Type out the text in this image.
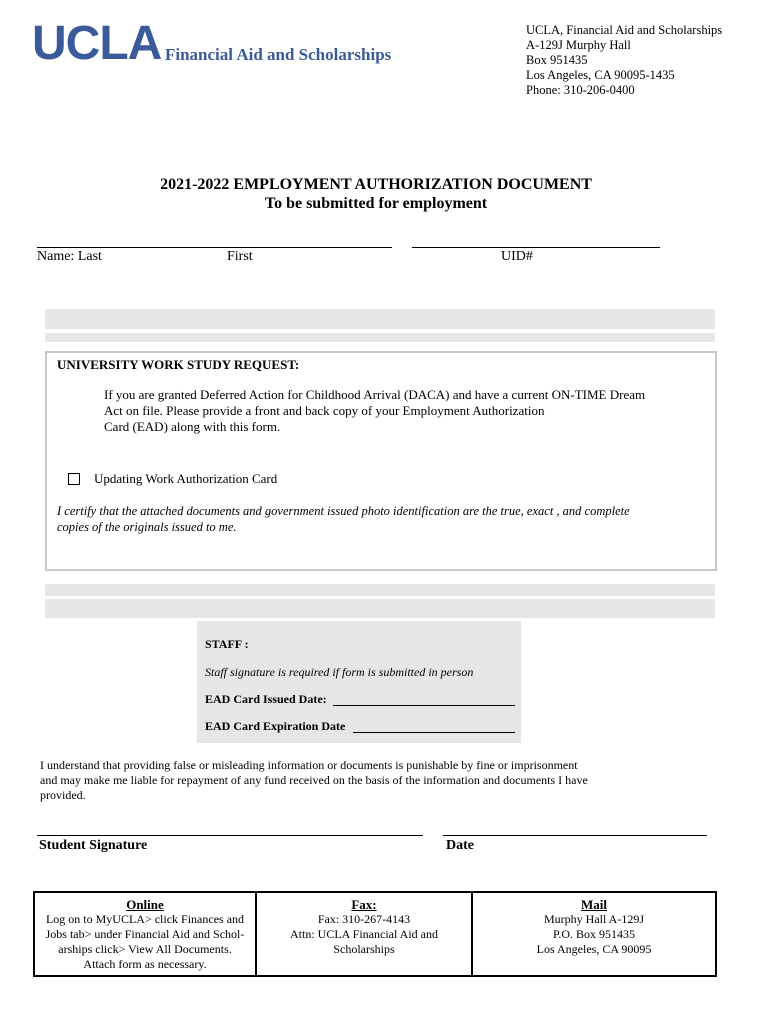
UCLA Financial Aid and Scholarships
UCLA, Financial Aid and Scholarships
A-129J Murphy Hall
Box 951435
Los Angeles, CA 90095-1435
Phone: 310-206-0400
2021-2022 EMPLOYMENT AUTHORIZATION DOCUMENT
To be submitted for employment
Name: Last	First	UID#
UNIVERSITY WORK STUDY REQUEST:
If you are granted Deferred Action for Childhood Arrival (DACA) and have a current ON-TIME Dream
Act on file. Please provide a front and back copy of your Employment Authorization
Card (EAD) along with this form.
Updating Work Authorization Card
I certify that the attached documents and government issued photo identification are the true, exact , and complete
copies of the originals issued to me.
STAFF :
Staff signature is required if form is submitted in person
EAD Card Issued Date:
EAD Card Expiration Date
I understand that providing false or misleading information or documents is punishable by fine or imprisonment
and may make me liable for repayment of any fund received on the basis of the information and documents I have
provided.
Student Signature	Date
Online
Log on to MyUCLA> click Finances and
Jobs tab> under Financial Aid and Schol-
arships click> View All Documents.
Attach form as necessary.
Fax:
Fax: 310-267-4143
Attn: UCLA Financial Aid and
Scholarships
Mail
Murphy Hall A-129J
P.O. Box 951435
Los Angeles, CA 90095
